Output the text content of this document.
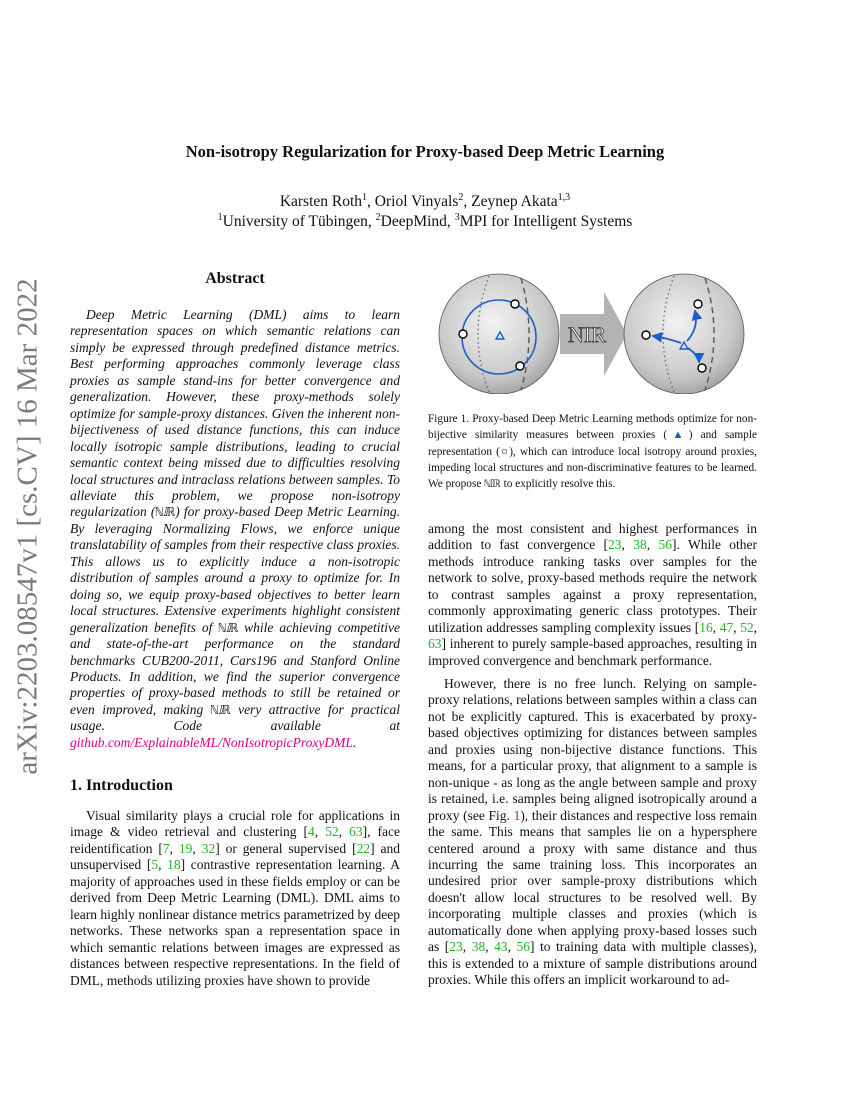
arXiv:2203.08547v1 [cs.CV] 16 Mar 2022
Non-isotropy Regularization for Proxy-based Deep Metric Learning
Karsten Roth$^1$, Oriol Vinyals$^2$, Zeynep Akata$^{1,3}$
$^1$University of Tübingen, $^2$DeepMind, $^3$MPI for Intelligent Systems
Abstract
Deep Metric Learning (DML) aims to learn representation spaces on which semantic relations can simply be expressed through predefined distance metrics. Best performing approaches commonly leverage class proxies as sample stand-ins for better convergence and generalization. However, these proxy-methods solely optimize for sample-proxy distances. Given the inherent non-bijectiveness of used distance functions, this can induce locally isotropic sample distributions, leading to crucial semantic context being missed due to difficulties resolving local structures and intraclass relations between samples. To alleviate this problem, we propose non-isotropy regularization (ℕ𝕀ℝ) for proxy-based Deep Metric Learning. By leveraging Normalizing Flows, we enforce unique translatability of samples from their respective class proxies. This allows us to explicitly induce a non-isotropic distribution of samples around a proxy to optimize for. In doing so, we equip proxy-based objectives to better learn local structures. Extensive experiments highlight consistent generalization benefits of ℕ𝕀ℝ while achieving competitive and state-of-the-art performance on the standard benchmarks CUB200-2011, Cars196 and Stanford Online Products. In addition, we find the superior convergence properties of proxy-based methods to still be retained or even improved, making ℕ𝕀ℝ very attractive for practical usage. Code available at github.com/ExplainableML/NonIsotropicProxyDML.
1. Introduction
Visual similarity plays a crucial role for applications in image & video retrieval and clustering [4, 52, 63], face reidentification [7, 19, 32] or general supervised [22] and unsupervised [5, 18] contrastive representation learning. A majority of approaches used in these fields employ or can be derived from Deep Metric Learning (DML). DML aims to learn highly nonlinear distance metrics parametrized by deep networks. These networks span a representation space in which semantic relations between images are expressed as distances between respective representations. In the field of DML, methods utilizing proxies have shown to provide
NIR
Figure 1. Proxy-based Deep Metric Learning methods optimize for non-bijective similarity measures between proxies (▲) and sample representation (○), which can introduce local isotropy around proxies, impeding local structures and non-discriminative features to be learned. We propose ℕ𝕀ℝ to explicitly resolve this.
among the most consistent and highest performances in addition to fast convergence [23, 38, 56]. While other methods introduce ranking tasks over samples for the network to solve, proxy-based methods require the network to contrast samples against a proxy representation, commonly approximating generic class prototypes. Their utilization addresses sampling complexity issues [16, 47, 52, 63] inherent to purely sample-based approaches, resulting in improved convergence and benchmark performance.
However, there is no free lunch. Relying on sample-proxy relations, relations between samples within a class can not be explicitly captured. This is exacerbated by proxy-based objectives optimizing for distances between samples and proxies using non-bijective distance functions. This means, for a particular proxy, that alignment to a sample is non-unique - as long as the angle between sample and proxy is retained, i.e. samples being aligned isotropically around a proxy (see Fig. 1), their distances and respective loss remain the same. This means that samples lie on a hypersphere centered around a proxy with same distance and thus incurring the same training loss. This incorporates an undesired prior over sample-proxy distributions which doesn't allow local structures to be resolved well. By incorporating multiple classes and proxies (which is automatically done when applying proxy-based losses such as [23, 38, 43, 56] to training data with multiple classes), this is extended to a mixture of sample distributions around proxies. While this offers an implicit workaround to ad-
